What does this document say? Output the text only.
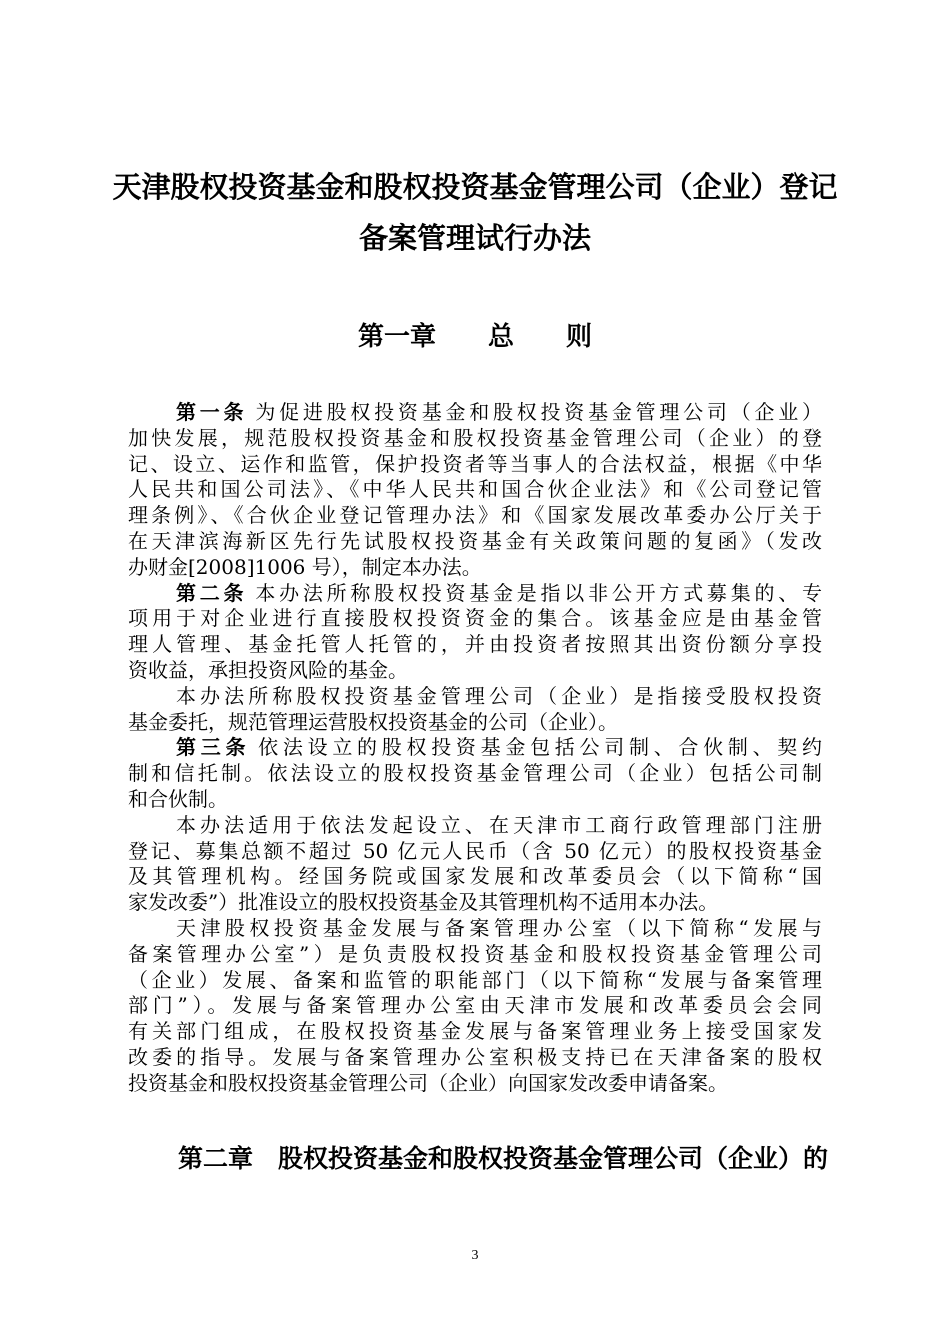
天津股权投资基金和股权投资基金管理公司（企业）登记
备案管理试行办法
第一章　　总　　则
第一条 为促进股权投资基金和股权投资基金管理公司（企业）
加快发展，规范股权投资基金和股权投资基金管理公司（企业）的登
记、设立、运作和监管，保护投资者等当事人的合法权益，根据《中华
人民共和国公司法》、《中华人民共和国合伙企业法》和《公司登记管
理条例》、《合伙企业登记管理办法》和《国家发展改革委办公厅关于
在天津滨海新区先行先试股权投资基金有关政策问题的复函》（发改
办财金[2008]1006 号），制定本办法。
第二条 本办法所称股权投资基金是指以非公开方式募集的、专
项用于对企业进行直接股权投资资金的集合。该基金应是由基金管
理人管理、基金托管人托管的，并由投资者按照其出资份额分享投
资收益，承担投资风险的基金。
本办法所称股权投资基金管理公司（企业）是指接受股权投资
基金委托，规范管理运营股权投资基金的公司（企业）。
第三条 依法设立的股权投资基金包括公司制、合伙制、契约
制和信托制。依法设立的股权投资基金管理公司（企业）包括公司制
和合伙制。
本办法适用于依法发起设立、在天津市工商行政管理部门注册
登记、募集总额不超过 50 亿元人民币（含 50 亿元）的股权投资基金
及其管理机构。经国务院或国家发展和改革委员会（以下简称“国
家发改委”）批准设立的股权投资基金及其管理机构不适用本办法。
天津股权投资基金发展与备案管理办公室（以下简称“发展与
备案管理办公室”）是负责股权投资基金和股权投资基金管理公司
（企业）发展、备案和监管的职能部门（以下简称“发展与备案管理
部门”）。发展与备案管理办公室由天津市发展和改革委员会会同
有关部门组成，在股权投资基金发展与备案管理业务上接受国家发
改委的指导。发展与备案管理办公室积极支持已在天津备案的股权
投资基金和股权投资基金管理公司（企业）向国家发改委申请备案。
第二章　股权投资基金和股权投资基金管理公司（企业）的
3
